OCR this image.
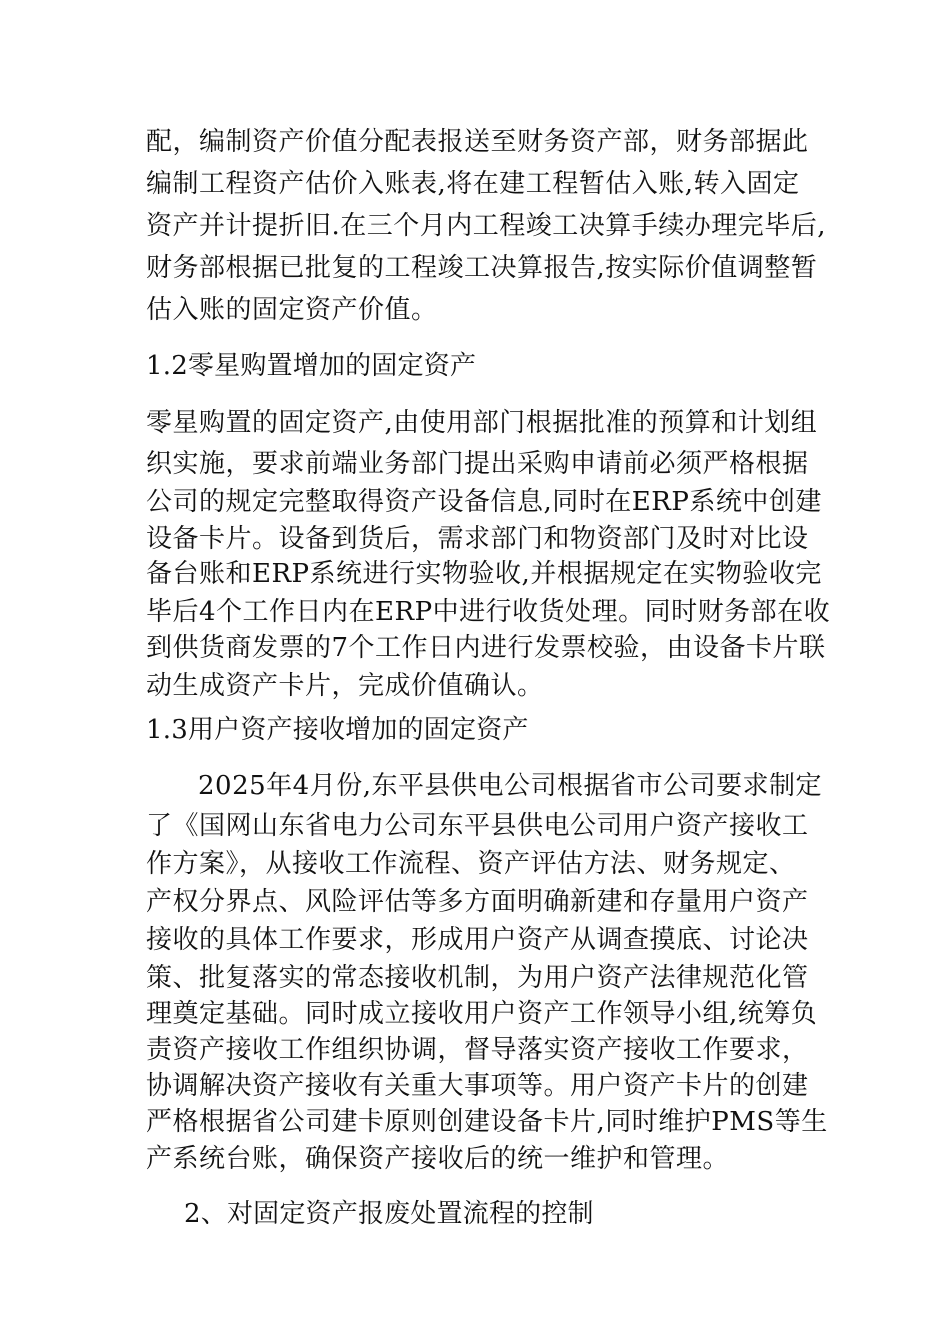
配，编制资产价值分配表报送至财务资产部，财务部据此
编制工程资产估价入账表,将在建工程暂估入账,转入固定
资产并计提折旧.在三个月内工程竣工决算手续办理完毕后,
财务部根据已批复的工程竣工决算报告,按实际价值调整暂
估入账的固定资产价值。
1.2零星购置增加的固定资产
零星购置的固定资产,由使用部门根据批准的预算和计划组
织实施，要求前端业务部门提出采购申请前必须严格根据
公司的规定完整取得资产设备信息,同时在ERP系统中创建
设备卡片。设备到货后，需求部门和物资部门及时对比设
备台账和ERP系统进行实物验收,并根据规定在实物验收完
毕后4个工作日内在ERP中进行收货处理。同时财务部在收
到供货商发票的7个工作日内进行发票校验，由设备卡片联
动生成资产卡片，完成价值确认。
1.3用户资产接收增加的固定资产
2025年4月份,东平县供电公司根据省市公司要求制定
了《国网山东省电力公司东平县供电公司用户资产接收工
作方案》，从接收工作流程、资产评估方法、财务规定、
产权分界点、风险评估等多方面明确新建和存量用户资产
接收的具体工作要求，形成用户资产从调查摸底、讨论决
策、批复落实的常态接收机制，为用户资产法律规范化管
理奠定基础。同时成立接收用户资产工作领导小组,统筹负
责资产接收工作组织协调，督导落实资产接收工作要求，
协调解决资产接收有关重大事项等。用户资产卡片的创建
严格根据省公司建卡原则创建设备卡片,同时维护PMS等生
产系统台账，确保资产接收后的统一维护和管理。
2、对固定资产报废处置流程的控制
